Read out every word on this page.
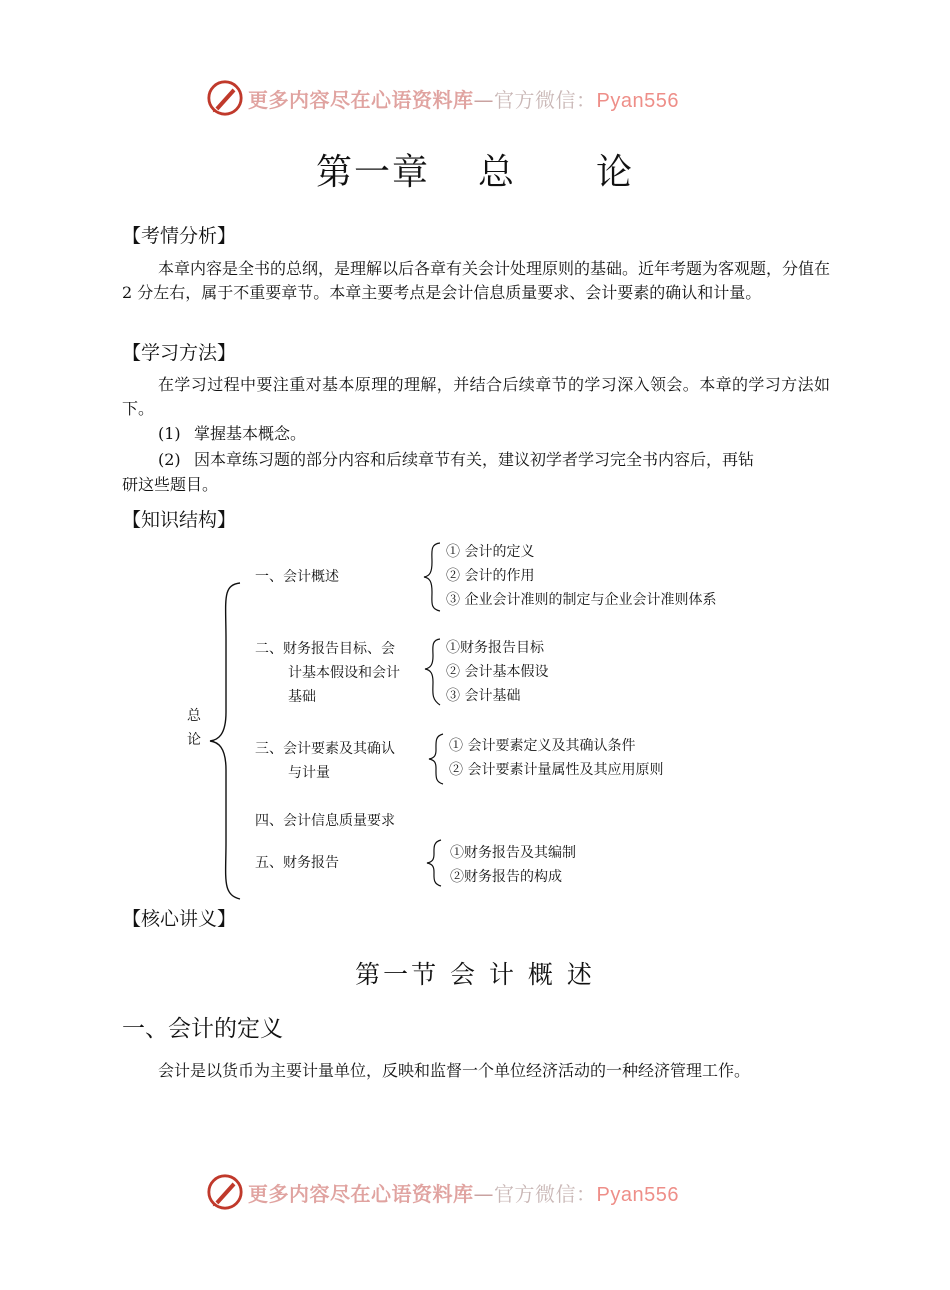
更多内容尽在心语资料库—官方微信：Pyan556
第一章 总 论
【考情分析】
本章内容是全书的总纲，是理解以后各章有关会计处理原则的基础。近年考题为客观题，分值在 2 分左右，属于不重要章节。本章主要考点是会计信息质量要求、会计要素的确认和计量。
【学习方法】
在学习过程中要注重对基本原理的理解，并结合后续章节的学习深入领会。本章的学习方法如下。
(1) 掌握基本概念。
(2) 因本章练习题的部分内容和后续章节有关，建议初学者学习完全书内容后，再钻
研这些题目。
【知识结构】
总
论
一、会计概述
① 会计的定义
② 会计的作用
③ 企业会计准则的制定与企业会计准则体系
二、财务报告目标、会
计基本假设和会计
基础
①财务报告目标
② 会计基本假设
③ 会计基础
三、会计要素及其确认
与计量
① 会计要素定义及其确认条件
② 会计要素计量属性及其应用原则
四、会计信息质量要求
五、财务报告
①财务报告及其编制
②财务报告的构成
【核心讲义】
第一节 会 计 概 述
一、会计的定义
会计是以货币为主要计量单位，反映和监督一个单位经济活动的一种经济管理工作。
更多内容尽在心语资料库—官方微信：Pyan556
